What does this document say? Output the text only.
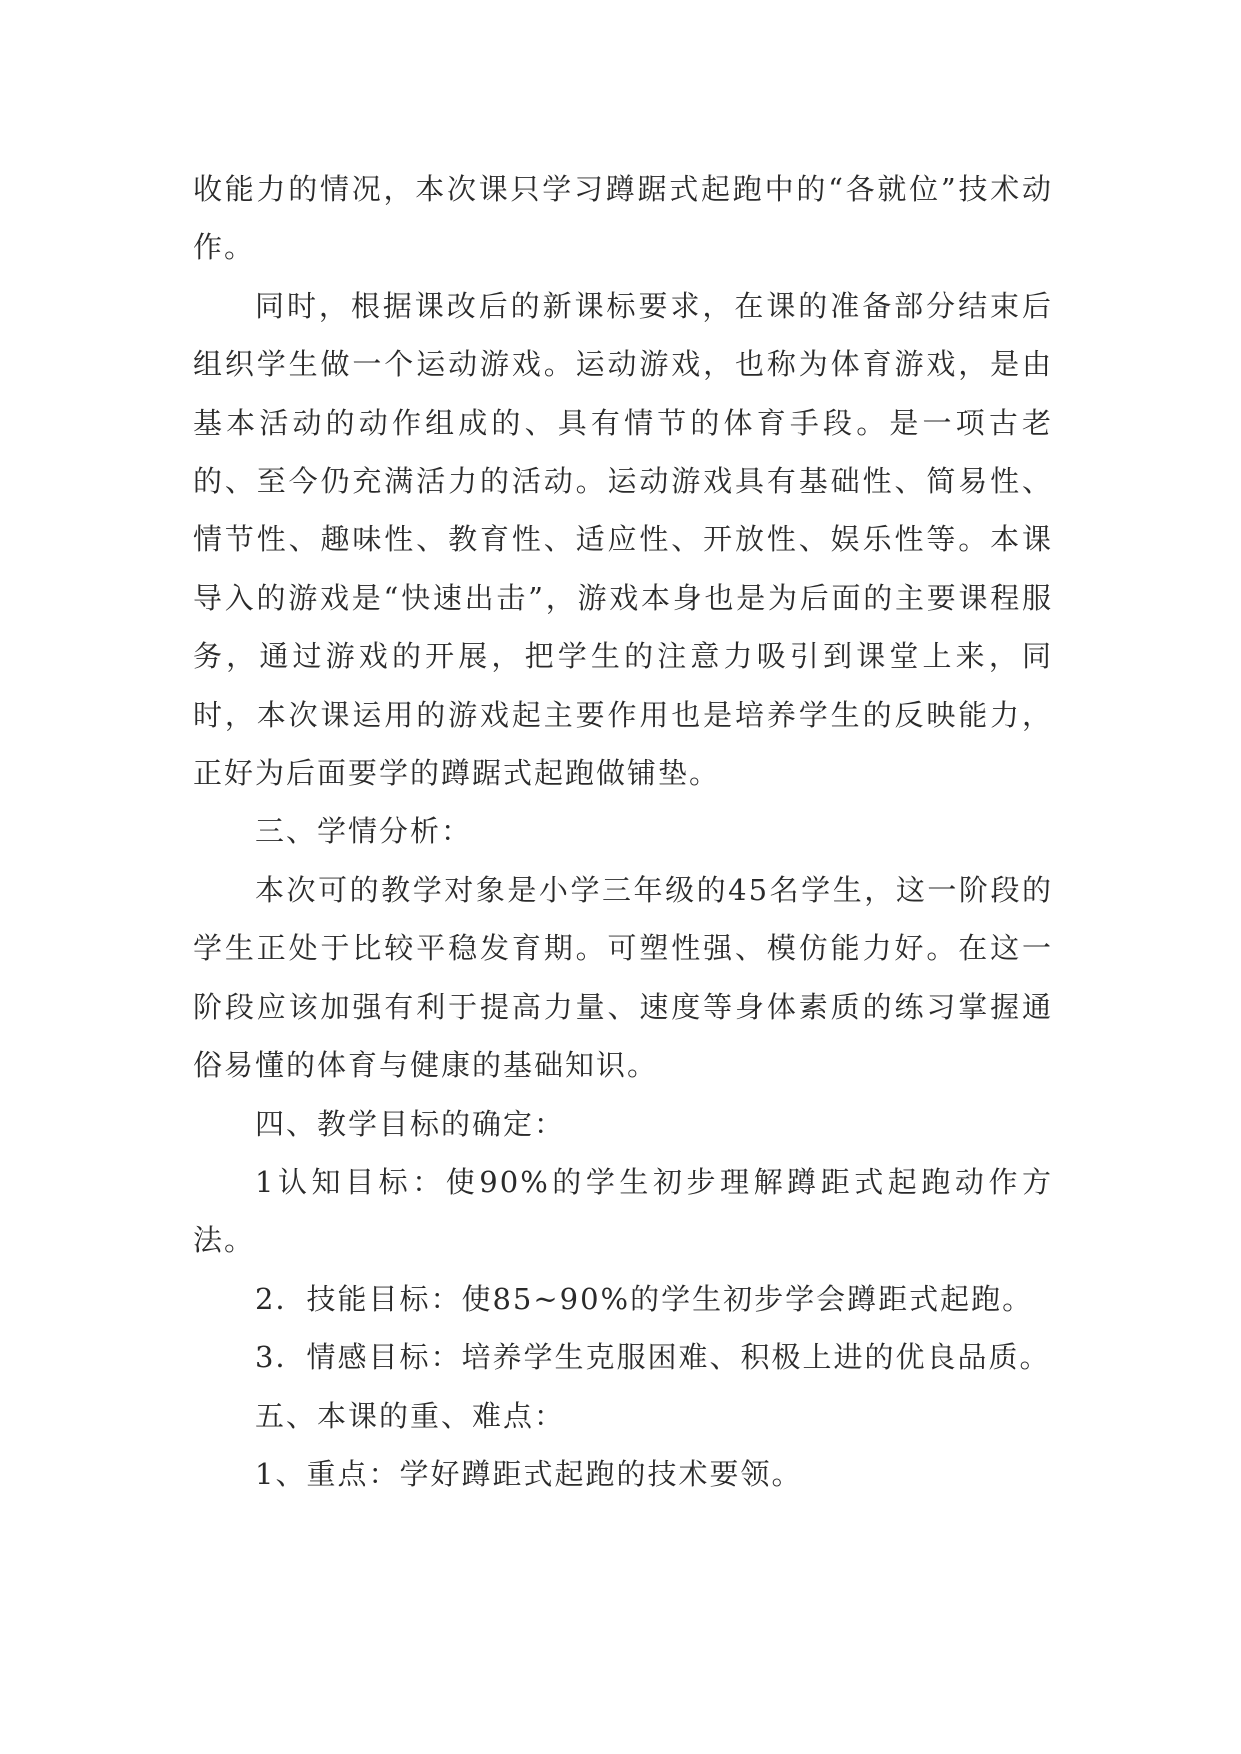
收能力的情况，本次课只学习蹲踞式起跑中的“各就位”技术动作。

同时，根据课改后的新课标要求，在课的准备部分结束后组织学生做一个运动游戏。运动游戏，也称为体育游戏，是由基本活动的动作组成的、具有情节的体育手段。是一项古老的、至今仍充满活力的活动。运动游戏具有基础性、简易性、情节性、趣味性、教育性、适应性、开放性、娱乐性等。本课导入的游戏是“快速出击”，游戏本身也是为后面的主要课程服务，通过游戏的开展，把学生的注意力吸引到课堂上来，同时，本次课运用的游戏起主要作用也是培养学生的反映能力，正好为后面要学的蹲踞式起跑做铺垫。

三、学情分析：

本次可的教学对象是小学三年级的45名学生，这一阶段的学生正处于比较平稳发育期。可塑性强、模仿能力好。在这一阶段应该加强有利于提高力量、速度等身体素质的练习掌握通俗易懂的体育与健康的基础知识。

四、教学目标的确定：

1认知目标：使90%的学生初步理解蹲距式起跑动作方法。

2．技能目标：使85~90%的学生初步学会蹲距式起跑。

3．情感目标：培养学生克服困难、积极上进的优良品质。

五、本课的重、难点：

1、重点：学好蹲距式起跑的技术要领。
